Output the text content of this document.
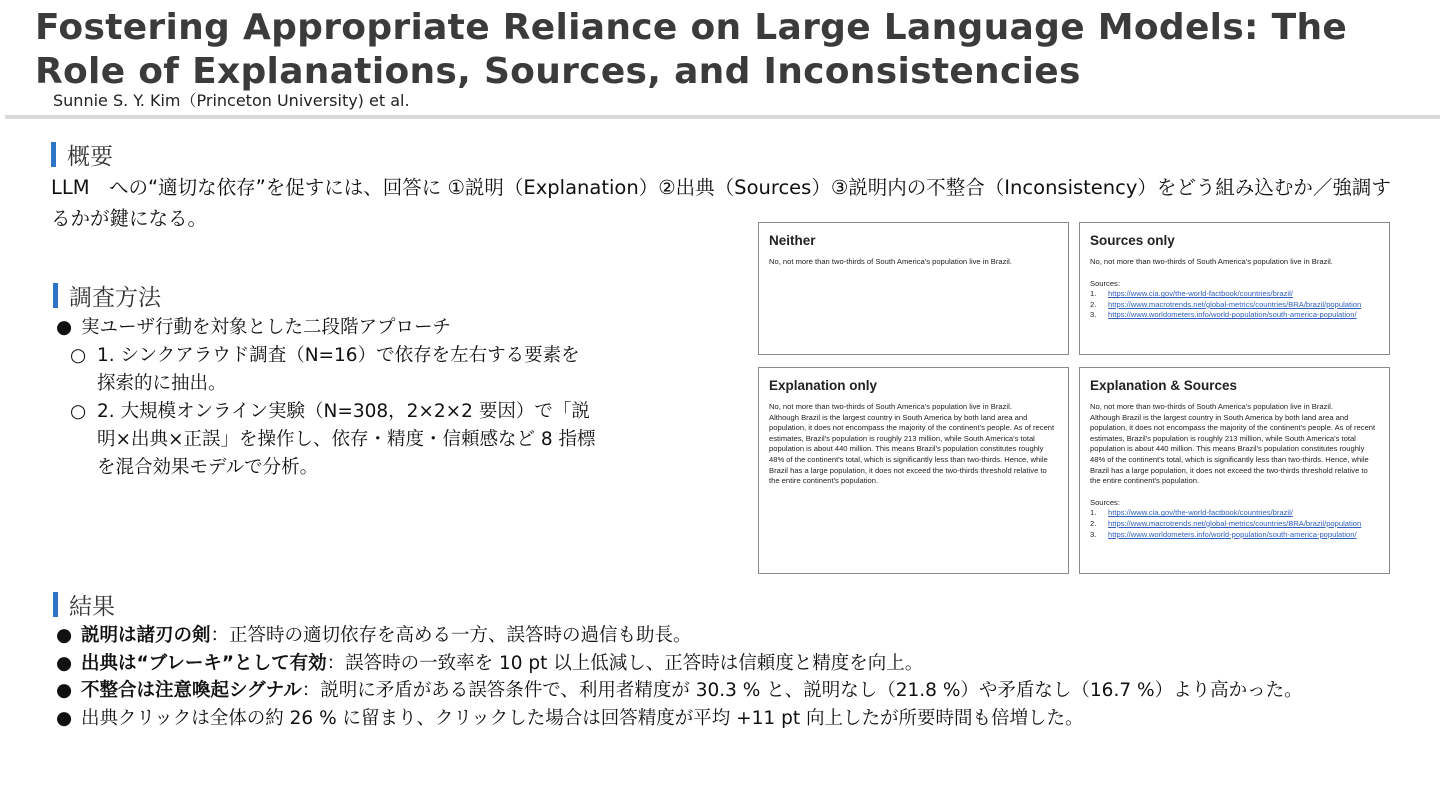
Fostering Appropriate Reliance on Large Language Models: The Role of Explanations, Sources, and Inconsistencies
Sunnie S. Y. Kim（Princeton University) et al.
概要
LLM　への“適切な依存”を促すには、回答に ①説明（Explanation）②出典（Sources）③説明内の不整合（Inconsistency）をどう組み込むか／強調するかが鍵になる。
調査方法
● 実ユーザ行動を対象とした二段階アプローチ
○ 1. シンクアラウド調査（N=16）で依存を左右する要素を探索的に抽出。
○ 2. 大規模オンライン実験（N=308，2×2×2 要因）で「説明×出典×正誤」を操作し、依存・精度・信頼感など 8 指標を混合効果モデルで分析。
Neither
No, not more than two-thirds of South America's population live in Brazil.
Sources only
No, not more than two-thirds of South America's population live in Brazil.
Sources:
1. https://www.cia.gov/the-world-factbook/countries/brazil/
2. https://www.macrotrends.net/global-metrics/countries/BRA/brazil/population
3. https://www.worldometers.info/world-population/south-america-population/
Explanation only
No, not more than two-thirds of South America's population live in Brazil.
Although Brazil is the largest country in South America by both land area and population, it does not encompass the majority of the continent's people. As of recent estimates, Brazil's population is roughly 213 million, while South America's total population is about 440 million. This means Brazil's population constitutes roughly 48% of the continent's total, which is significantly less than two-thirds. Hence, while Brazil has a large population, it does not exceed the two-thirds threshold relative to the entire continent's population.
Explanation & Sources
No, not more than two-thirds of South America's population live in Brazil.
Although Brazil is the largest country in South America by both land area and population, it does not encompass the majority of the continent's people. As of recent estimates, Brazil's population is roughly 213 million, while South America's total population is about 440 million. This means Brazil's population constitutes roughly 48% of the continent's total, which is significantly less than two-thirds. Hence, while Brazil has a large population, it does not exceed the two-thirds threshold relative to the entire continent's population.
Sources:
1. https://www.cia.gov/the-world-factbook/countries/brazil/
2. https://www.macrotrends.net/global-metrics/countries/BRA/brazil/population
3. https://www.worldometers.info/world-population/south-america-population/
結果
● 説明は諸刃の剣：正答時の適切依存を高める一方、誤答時の過信も助長。
● 出典は“ブレーキ”として有効：誤答時の一致率を 10 pt 以上低減し、正答時は信頼度と精度を向上。
● 不整合は注意喚起シグナル：説明に矛盾がある誤答条件で、利用者精度が 30.3 % と、説明なし（21.8 %）や矛盾なし（16.7 %）より高かった。
● 出典クリックは全体の約 26 % に留まり、クリックした場合は回答精度が平均 +11 pt 向上したが所要時間も倍増した。
